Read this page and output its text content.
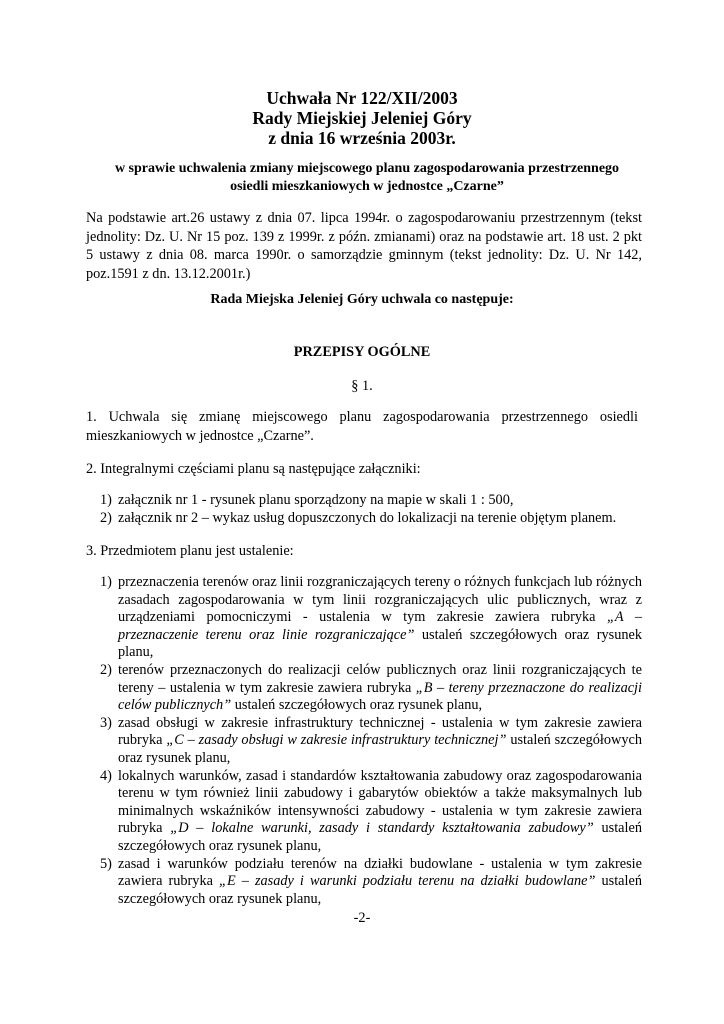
Uchwała Nr 122/XII/2003

Rady Miejskiej Jeleniej Góry

z dnia 16 września 2003r.

w sprawie uchwalenia zmiany miejscowego planu zagospodarowania przestrzennego

osiedli mieszkaniowych w jednostce „Czarne”

Na podstawie art.26 ustawy z dnia 07. lipca 1994r. o zagospodarowaniu przestrzennym (tekst jednolity: Dz. U. Nr 15 poz. 139 z 1999r. z późn. zmianami) oraz na podstawie art. 18 ust. 2 pkt 5 ustawy z dnia 08. marca 1990r. o samorządzie gminnym (tekst jednolity: Dz. U. Nr 142, poz.1591 z dn. 13.12.2001r.)

Rada Miejska Jeleniej Góry uchwala co następuje:

PRZEPISY OGÓLNE

§ 1.

1. Uchwala się zmianę miejscowego planu zagospodarowania przestrzennego osiedli mieszkaniowych w jednostce „Czarne”.

2. Integralnymi częściami planu są następujące załączniki:

1) załącznik nr 1 - rysunek planu sporządzony na mapie w skali 1 : 500,
2) załącznik nr 2 – wykaz usług dopuszczonych do lokalizacji na terenie objętym planem.

3. Przedmiotem planu jest ustalenie:

1) przeznaczenia terenów oraz linii rozgraniczających tereny o różnych funkcjach lub różnych zasadach zagospodarowania w tym linii rozgraniczających ulic publicznych, wraz z urządzeniami pomocniczymi - ustalenia w tym zakresie zawiera rubryka „A – przeznaczenie terenu oraz linie rozgraniczające” ustaleń szczegółowych oraz rysunek planu,
2) terenów przeznaczonych do realizacji celów publicznych oraz linii rozgraniczających te tereny – ustalenia w tym zakresie zawiera rubryka „B – tereny przeznaczone do realizacji celów publicznych” ustaleń szczegółowych oraz rysunek planu,
3) zasad obsługi w zakresie infrastruktury technicznej - ustalenia w tym zakresie zawiera rubryka „C – zasady obsługi w zakresie infrastruktury technicznej” ustaleń szczegółowych oraz rysunek planu,
4) lokalnych warunków, zasad i standardów kształtowania zabudowy oraz zagospodarowania terenu w tym również linii zabudowy i gabarytów obiektów a także maksymalnych lub minimalnych wskaźników intensywności zabudowy - ustalenia w tym zakresie zawiera rubryka „D – lokalne warunki, zasady i standardy kształtowania zabudowy” ustaleń szczegółowych oraz rysunek planu,
5) zasad i warunków podziału terenów na działki budowlane - ustalenia w tym zakresie zawiera rubryka „E – zasady i warunki podziału terenu na działki budowlane” ustaleń szczegółowych oraz rysunek planu,

-2-
